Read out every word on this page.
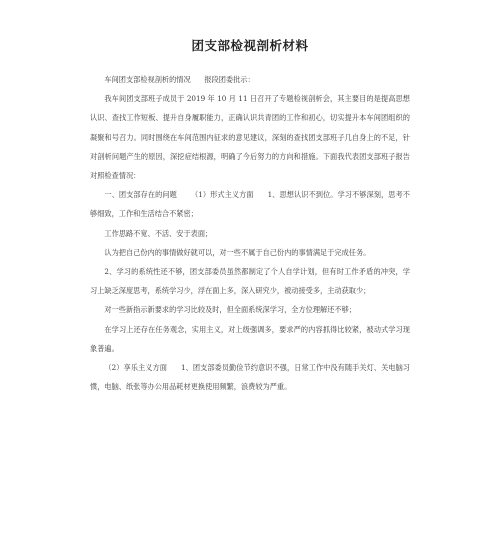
团支部检视剖析材料

车间团支部检视剖析的情况      报段团委批示：

我车间团支部班子成员于 2019 年 10 月 11 日召开了专题检视剖析会，其主要目的是提高思想认识、查找工作短板、提升自身履职能力，正确认识共青团的工作和初心，切实提升本车间团组织的凝聚和号召力。同时围绕在车间范围内征求的意见建议，深刻的查找团支部班子几自身上的不足，针对剖析问题产生的原因，深挖症结根源，明确了今后努力的方向和措施。下面我代表团支部班子报告对照检查情况：

一、团支部存在的问题      （1）形式主义方面      1、思想认识不到位。学习不够深刻，思考不够细致，工作和生活结合不紧密；

工作思路不宽、不活、安于表面；

认为把自己份内的事情做好就可以，对一些不属于自己份内的事情满足于完成任务。

2、学习的系统性还不够，团支部委员虽然都制定了个人自学计划，但有时工作矛盾的冲突，学习上缺乏深度思考，系统学习少，浮在面上多，深入研究少，被动接受多，主动获取少；

对一些新指示新要求的学习比较及时，但全面系统深学习，全方位理解还不够；

在学习上还存在任务观念，实用主义，对上级强调多，要求严的内容抓得比较紧，被动式学习现象普遍。

（2）享乐主义方面      1、团支部委员勤俭节约意识不强，日常工作中没有随手关灯、关电脑习惯，电脑、纸张等办公用品耗材更换使用频繁，浪费较为严重。
